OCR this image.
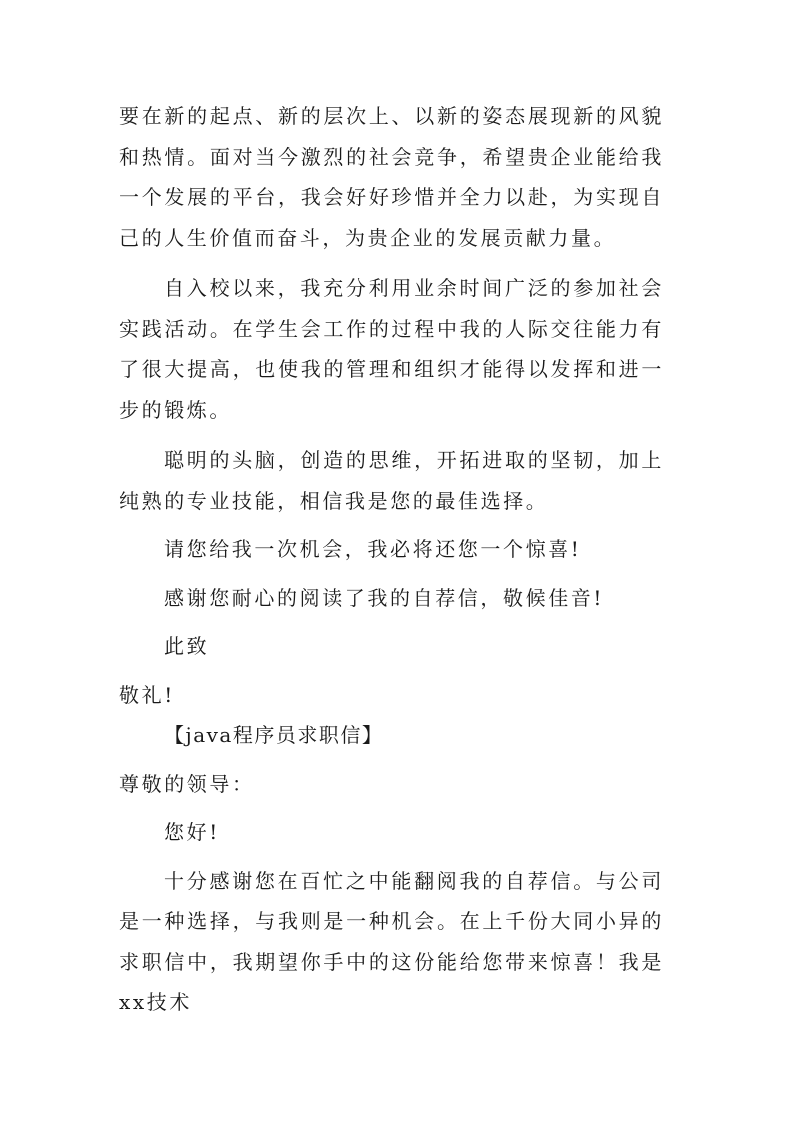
要在新的起点、新的层次上、以新的姿态展现新的风貌和热情。面对当今激烈的社会竞争，希望贵企业能给我一个发展的平台，我会好好珍惜并全力以赴，为实现自己的人生价值而奋斗，为贵企业的发展贡献力量。

自入校以来，我充分利用业余时间广泛的参加社会实践活动。在学生会工作的过程中我的人际交往能力有了很大提高，也使我的管理和组织才能得以发挥和进一步的锻炼。

聪明的头脑，创造的思维，开拓进取的坚韧，加上纯熟的专业技能，相信我是您的最佳选择。

请您给我一次机会，我必将还您一个惊喜!

感谢您耐心的阅读了我的自荐信，敬候佳音!

此致

敬礼!

【java程序员求职信】

尊敬的领导：

您好!

十分感谢您在百忙之中能翻阅我的自荐信。与公司是一种选择，与我则是一种机会。在上千份大同小异的求职信中，我期望你手中的这份能给您带来惊喜！我是xx技术
